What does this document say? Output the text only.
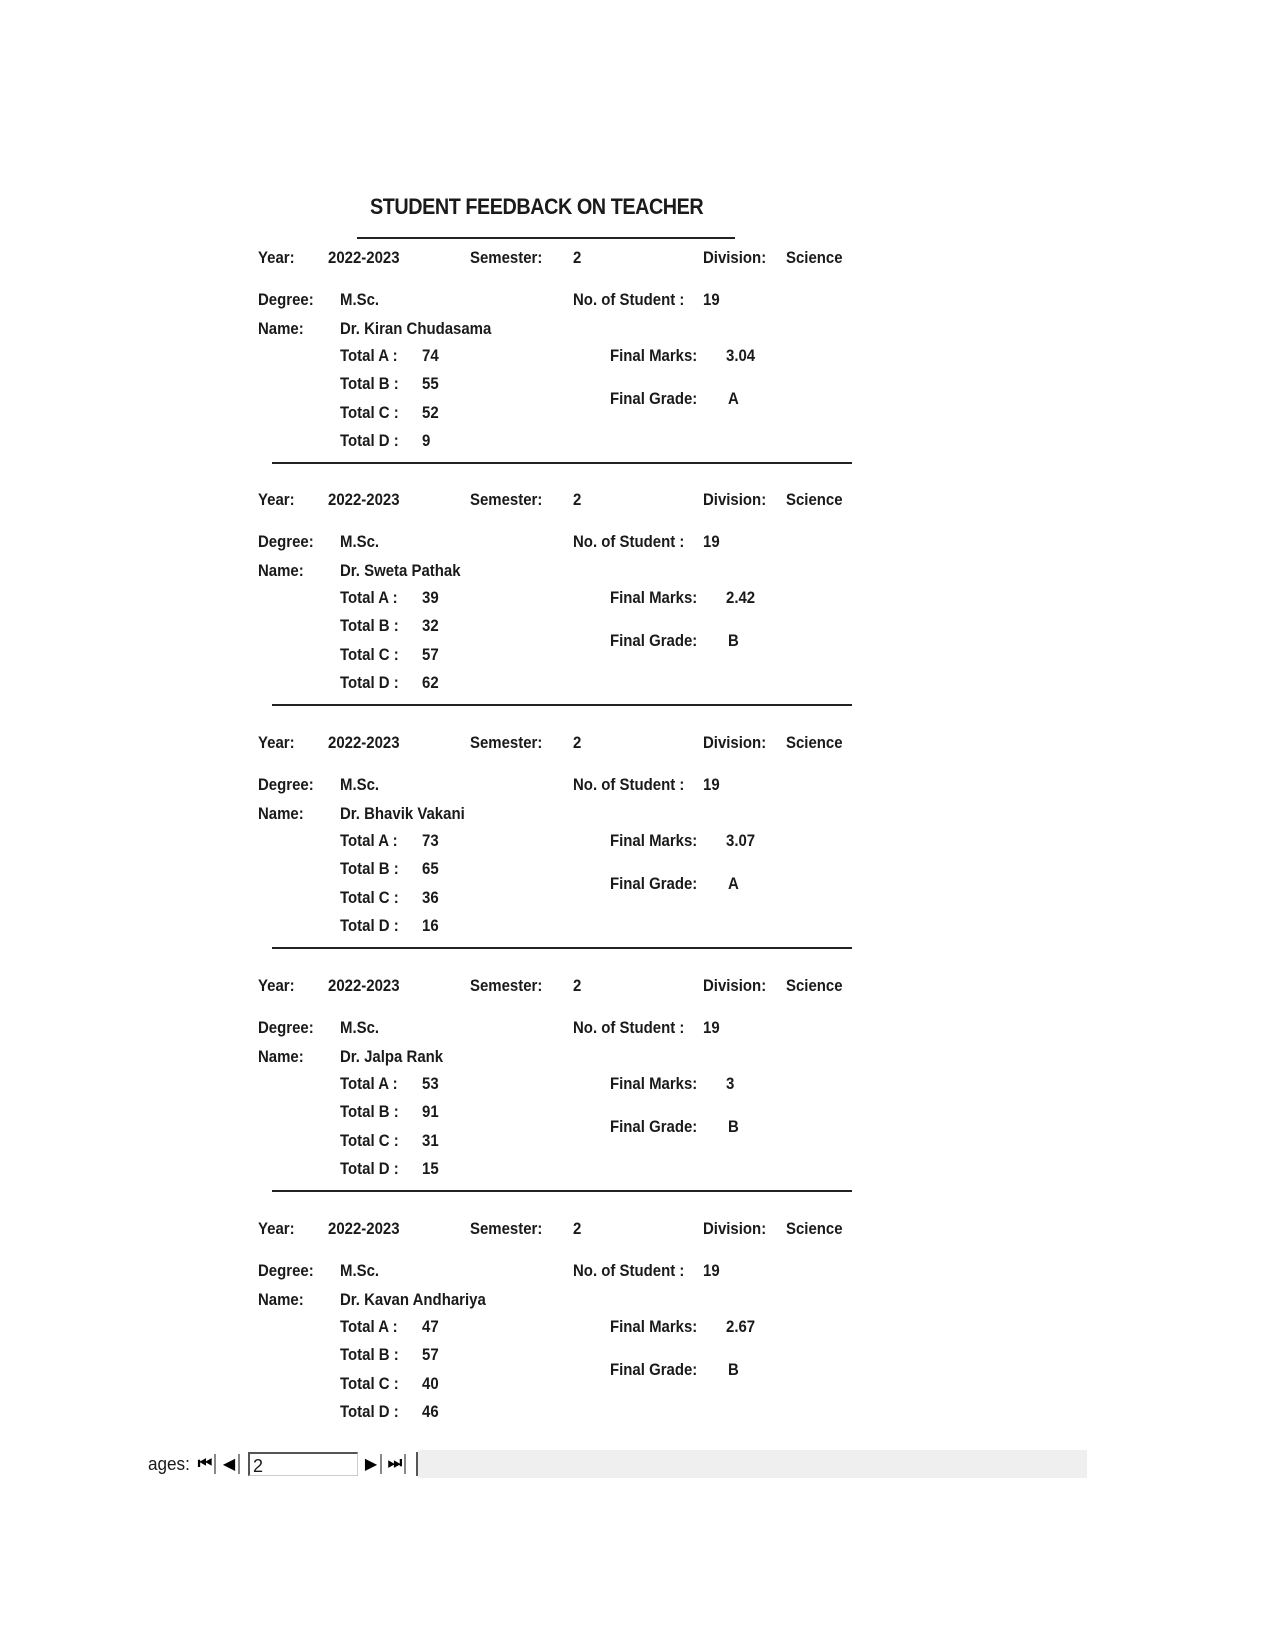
STUDENT FEEDBACK ON TEACHER
Year: 2022-2023	Semester: 2	Division: Science
Degree: M.Sc.	No. of Student : 19
Name: Dr. Kiran Chudasama
Total A : 74
Total B : 55
Total C : 52
Total D : 9
Final Marks: 3.04
Final Grade: A
Year: 2022-2023	Semester: 2	Division: Science
Degree: M.Sc.	No. of Student : 19
Name: Dr. Sweta Pathak
Total A : 39
Total B : 32
Total C : 57
Total D : 62
Final Marks: 2.42
Final Grade: B
Year: 2022-2023	Semester: 2	Division: Science
Degree: M.Sc.	No. of Student : 19
Name: Dr. Bhavik Vakani
Total A : 73
Total B : 65
Total C : 36
Total D : 16
Final Marks: 3.07
Final Grade: A
Year: 2022-2023	Semester: 2	Division: Science
Degree: M.Sc.	No. of Student : 19
Name: Dr. Jalpa Rank
Total A : 53
Total B : 91
Total C : 31
Total D : 15
Final Marks: 3
Final Grade: B
Year: 2022-2023	Semester: 2	Division: Science
Degree: M.Sc.	No. of Student : 19
Name: Dr. Kavan Andhariya
Total A : 47
Total B : 57
Total C : 40
Total D : 46
Final Marks: 2.67
Final Grade: B
ages: ⏮ ◀ 2	▶ ⏭
